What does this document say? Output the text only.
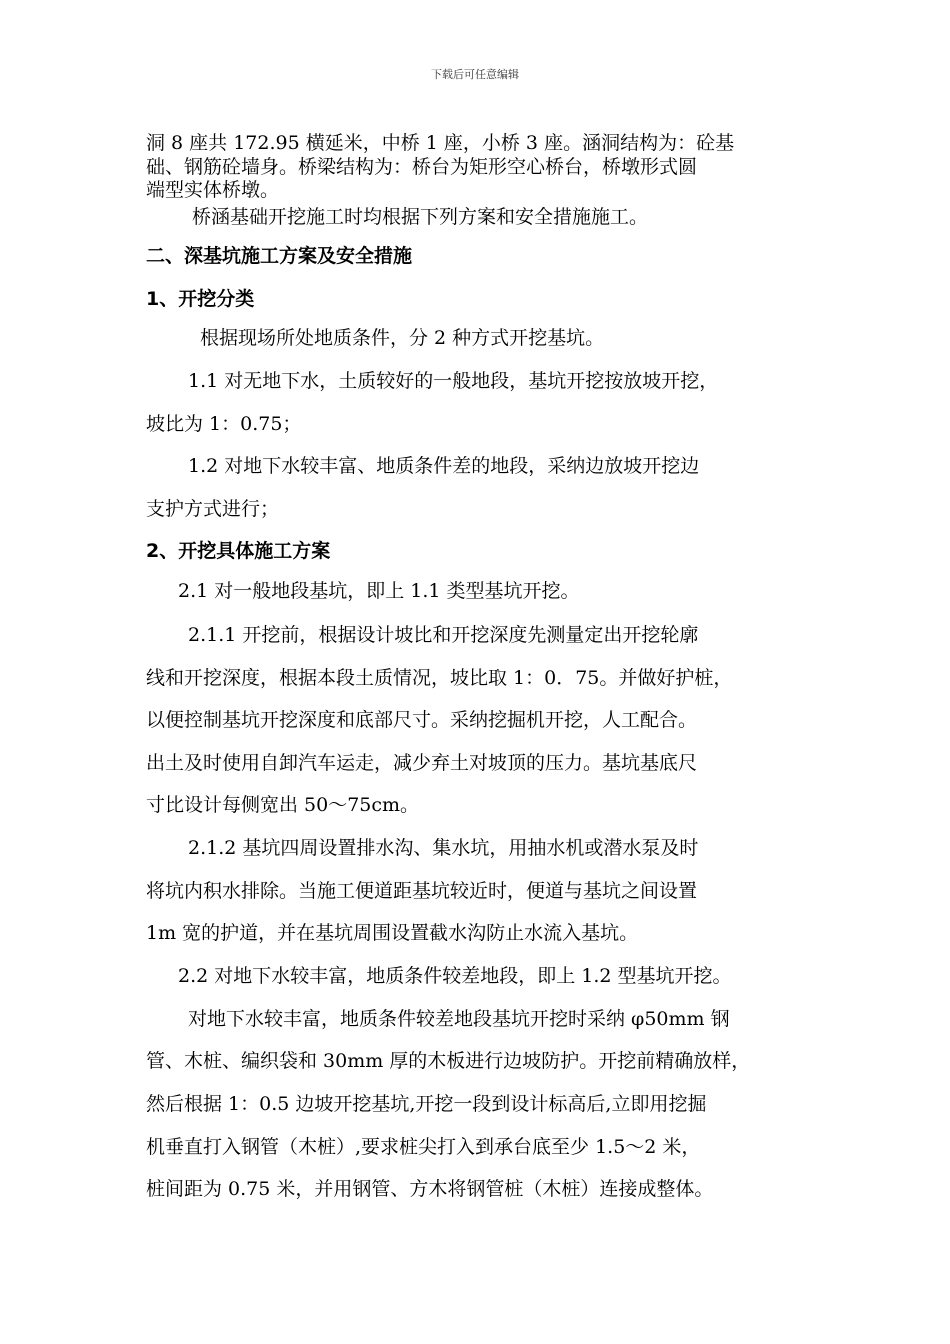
下载后可任意编辑
洞 8 座共 172.95 横延米，中桥 1 座，小桥 3 座。涵洞结构为：砼基
础、钢筋砼墙身。桥梁结构为：桥台为矩形空心桥台，桥墩形式圆
端型实体桥墩。
桥涵基础开挖施工时均根据下列方案和安全措施施工。
二、深基坑施工方案及安全措施
1、开挖分类
根据现场所处地质条件，分 2 种方式开挖基坑。
1.1 对无地下水，土质较好的一般地段，基坑开挖按放坡开挖，
坡比为 1：0.75；
1.2 对地下水较丰富、地质条件差的地段，采纳边放坡开挖边
支护方式进行；
2、开挖具体施工方案
2.1 对一般地段基坑，即上 1.1 类型基坑开挖。
2.1.1 开挖前，根据设计坡比和开挖深度先测量定出开挖轮廓
线和开挖深度，根据本段土质情况，坡比取 1：0．75。并做好护桩，
以便控制基坑开挖深度和底部尺寸。采纳挖掘机开挖，人工配合。
出土及时使用自卸汽车运走，减少弃土对坡顶的压力。基坑基底尺
寸比设计每侧宽出 50～75cm。
2.1.2 基坑四周设置排水沟、集水坑，用抽水机或潜水泵及时
将坑内积水排除。当施工便道距基坑较近时，便道与基坑之间设置
1m 宽的护道，并在基坑周围设置截水沟防止水流入基坑。
2.2 对地下水较丰富，地质条件较差地段，即上 1.2 型基坑开挖。
对地下水较丰富，地质条件较差地段基坑开挖时采纳 φ50mm 钢
管、木桩、编织袋和 30mm 厚的木板进行边坡防护。开挖前精确放样，
然后根据 1：0.5 边坡开挖基坑,开挖一段到设计标高后,立即用挖掘
机垂直打入钢管（木桩）,要求桩尖打入到承台底至少 1.5～2 米，
桩间距为 0.75 米，并用钢管、方木将钢管桩（木桩）连接成整体。
